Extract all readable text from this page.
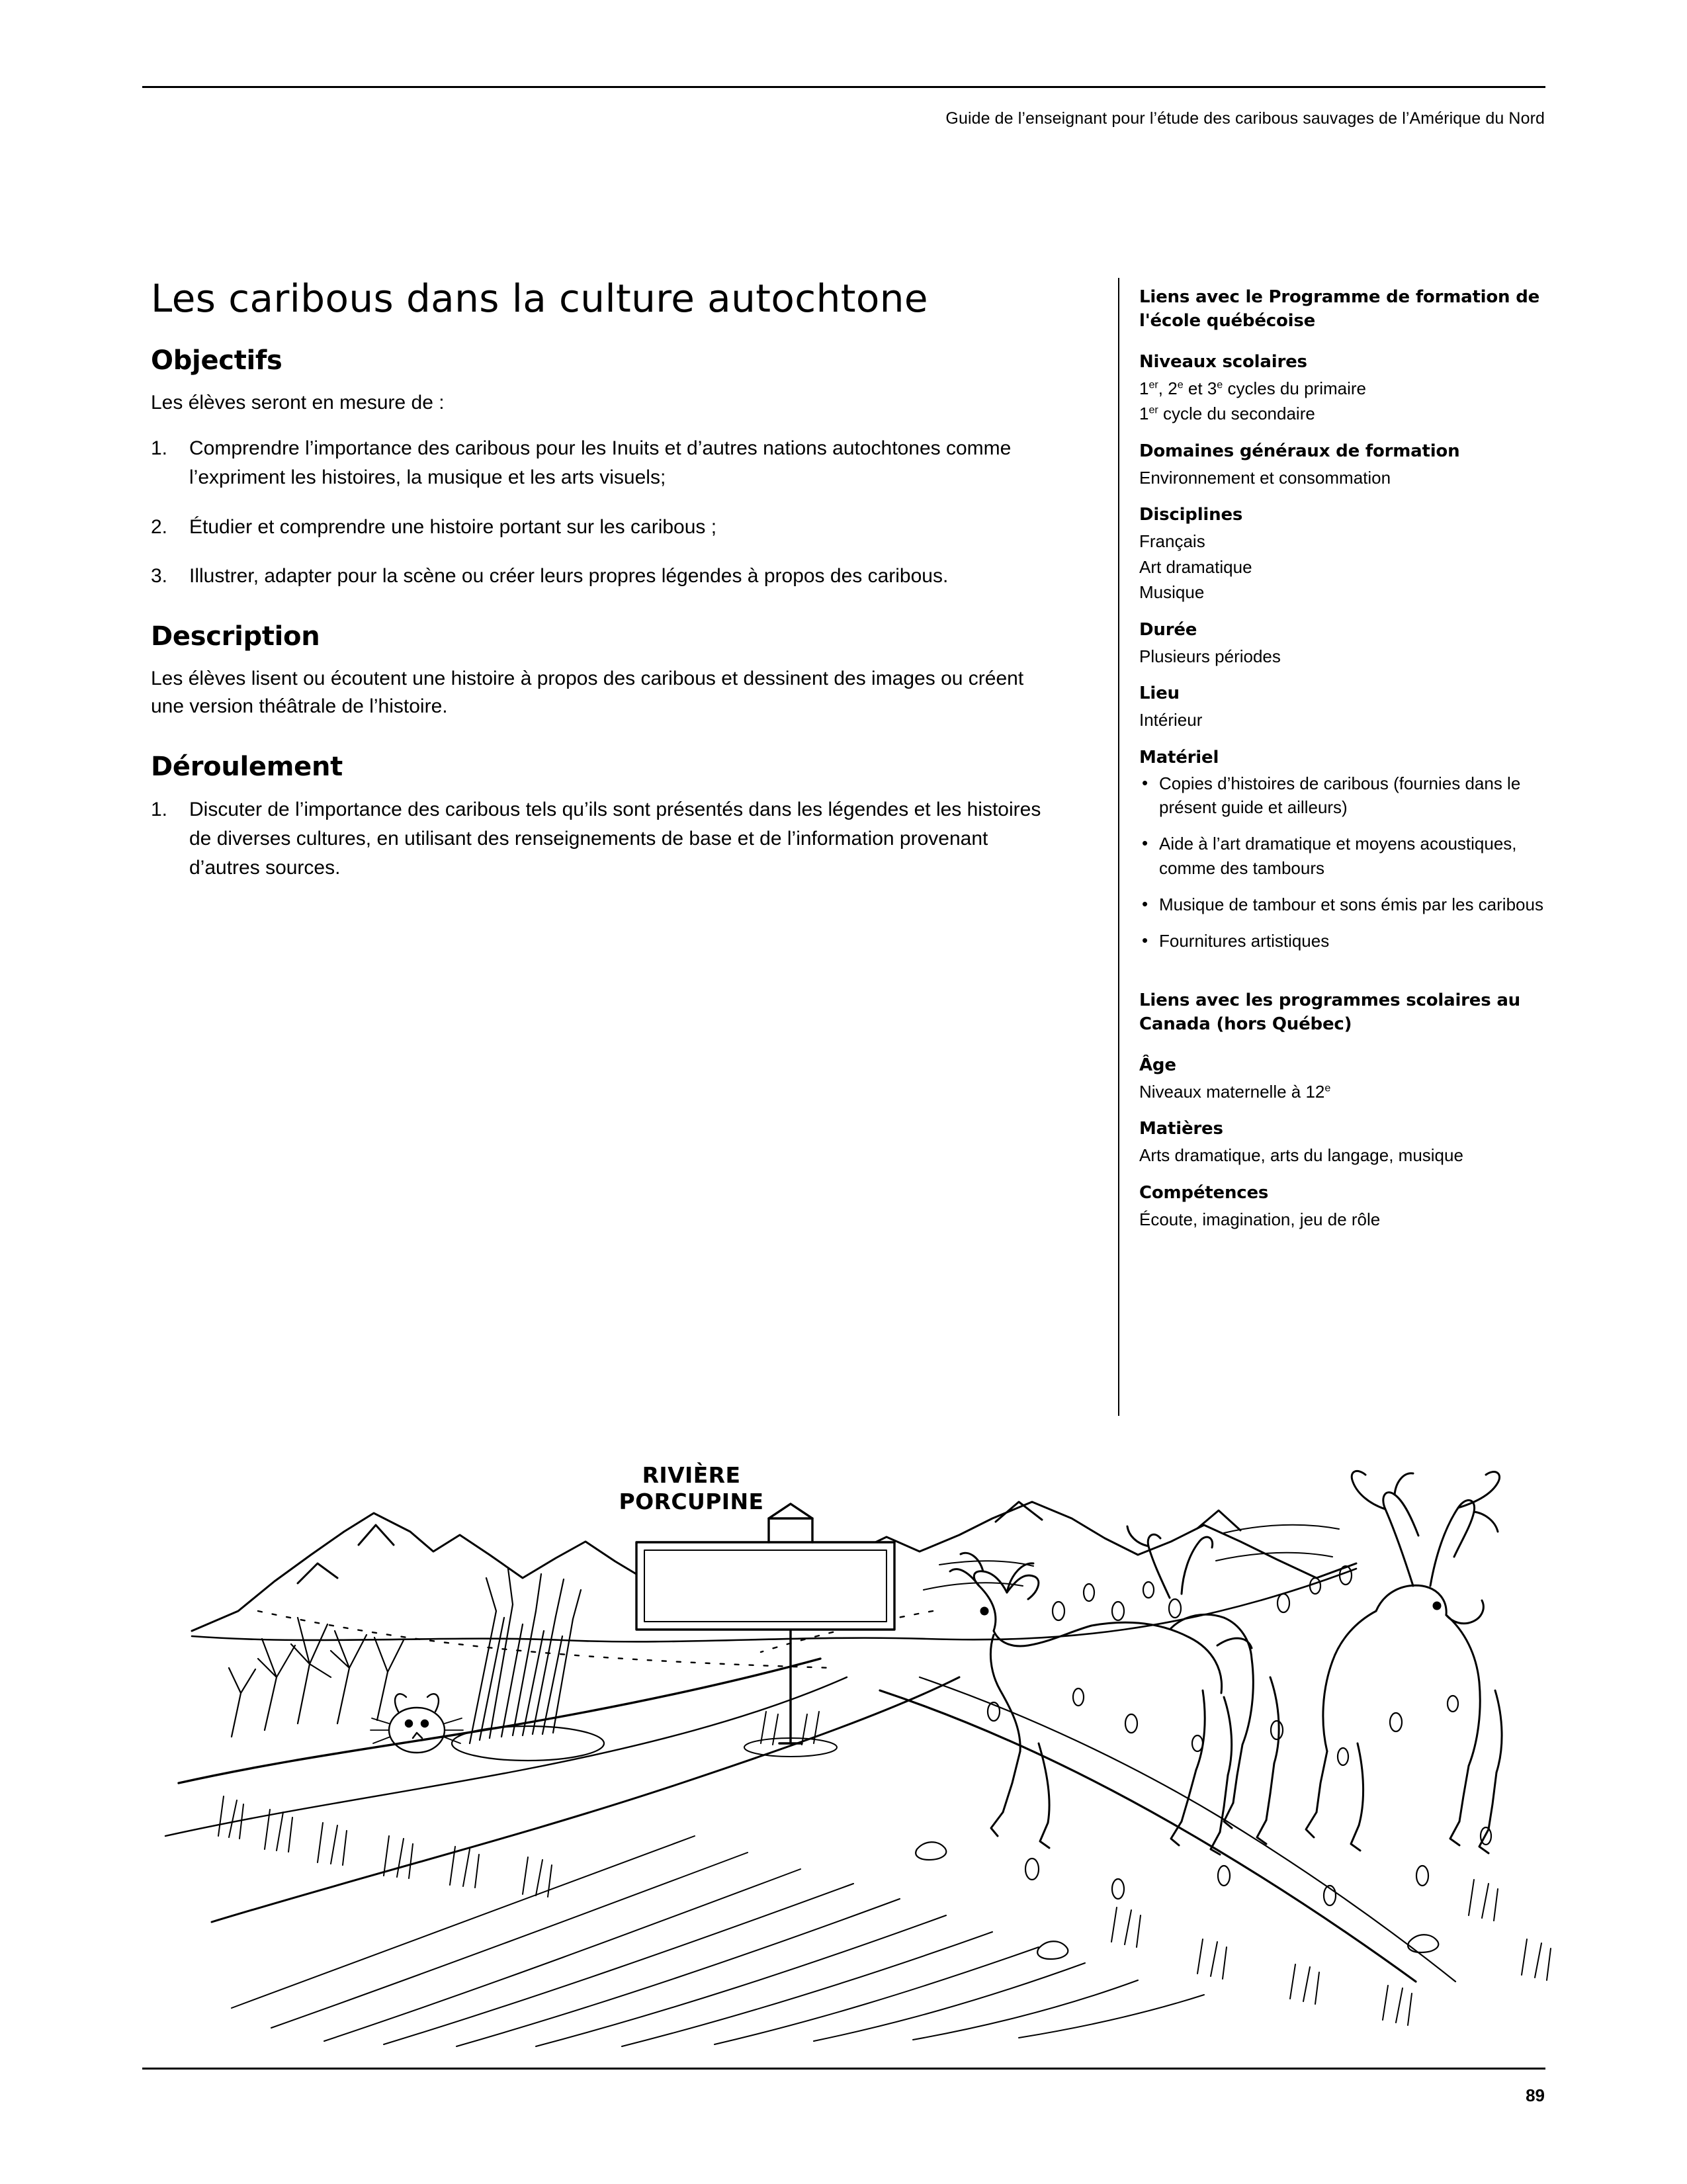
Guide de l’enseignant pour l’étude des caribous sauvages de l’Amérique du Nord
Les caribous dans la culture autochtone
Objectifs

Les élèves seront en mesure de :

1. Comprendre l’importance des caribous pour les Inuits et d’autres nations autochtones comme l’expriment les histoires, la musique et les arts visuels;
2. Étudier et comprendre une histoire portant sur les caribous ;
3. Illustrer, adapter pour la scène ou créer leurs propres légendes à propos des caribous.
Description

Les élèves lisent ou écoutent une histoire à propos des caribous et dessinent des images ou créent une version théâtrale de l’histoire.

Déroulement
1. Discuter de l’importance des caribous tels qu’ils sont présentés dans les légendes et les histoires de diverses cultures, en utilisant des renseignements de base et de l’information provenant d’autres sources.

Liens avec le Programme de formation de l'école québécoise

Niveaux scolaires

1er, 2e et 3e cycles du primaire

1er cycle du secondaire

Domaines généraux de formation

Environnement et consommation

Disciplines

Français

Art dramatique

Musique

Durée

Plusieurs périodes

Lieu

Intérieur

Matériel

• Copies d’histoires de caribous (fournies dans le présent guide et ailleurs)
• Aide à l’art dramatique et moyens acoustiques, comme des tambours
• Musique de tambour et sons émis par les caribous
• Fournitures artistiques

Liens avec les programmes scolaires au Canada (hors Québec)

Âge

Niveaux maternelle à 12e

Matières

Arts dramatique, arts du langage, musique

Compétences

Écoute, imagination, jeu de rôle

RIVIÈRE
PORCUPINE
89
